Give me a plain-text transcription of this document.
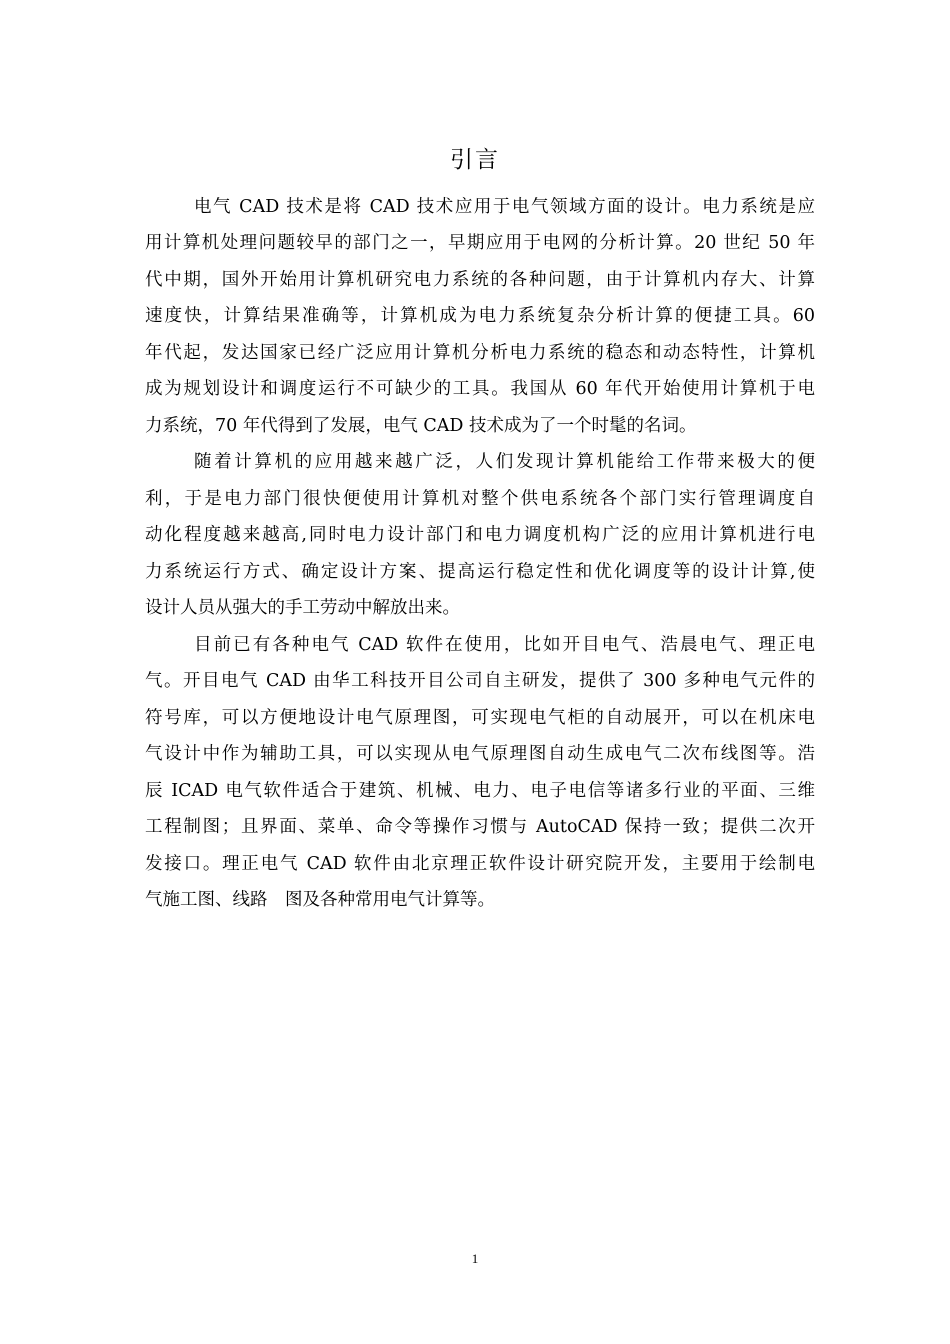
引言
电气 CAD 技术是将 CAD 技术应用于电气领域方面的设计。电力系统是应
用计算机处理问题较早的部门之一，早期应用于电网的分析计算。20 世纪 50 年
代中期，国外开始用计算机研究电力系统的各种问题，由于计算机内存大、计算
速度快，计算结果准确等，计算机成为电力系统复杂分析计算的便捷工具。60
年代起，发达国家已经广泛应用计算机分析电力系统的稳态和动态特性，计算机
成为规划设计和调度运行不可缺少的工具。我国从 60 年代开始使用计算机于电
力系统，70 年代得到了发展，电气 CAD 技术成为了一个时髦的名词。
随着计算机的应用越来越广泛，人们发现计算机能给工作带来极大的便
利，于是电力部门很快便使用计算机对整个供电系统各个部门实行管理调度自
动化程度越来越高,同时电力设计部门和电力调度机构广泛的应用计算机进行电
力系统运行方式、确定设计方案、提高运行稳定性和优化调度等的设计计算,使
设计人员从强大的手工劳动中解放出来。
目前已有各种电气 CAD 软件在使用，比如开目电气、浩晨电气、理正电
气。开目电气 CAD 由华工科技开目公司自主研发，提供了 300 多种电气元件的
符号库，可以方便地设计电气原理图，可实现电气柜的自动展开，可以在机床电
气设计中作为辅助工具，可以实现从电气原理图自动生成电气二次布线图等。浩
辰 ICAD 电气软件适合于建筑、机械、电力、电子电信等诸多行业的平面、三维
工程制图；且界面、菜单、命令等操作习惯与 AutoCAD 保持一致；提供二次开
发接口。理正电气 CAD 软件由北京理正软件设计研究院开发，主要用于绘制电
气施工图、线路　图及各种常用电气计算等。
1
